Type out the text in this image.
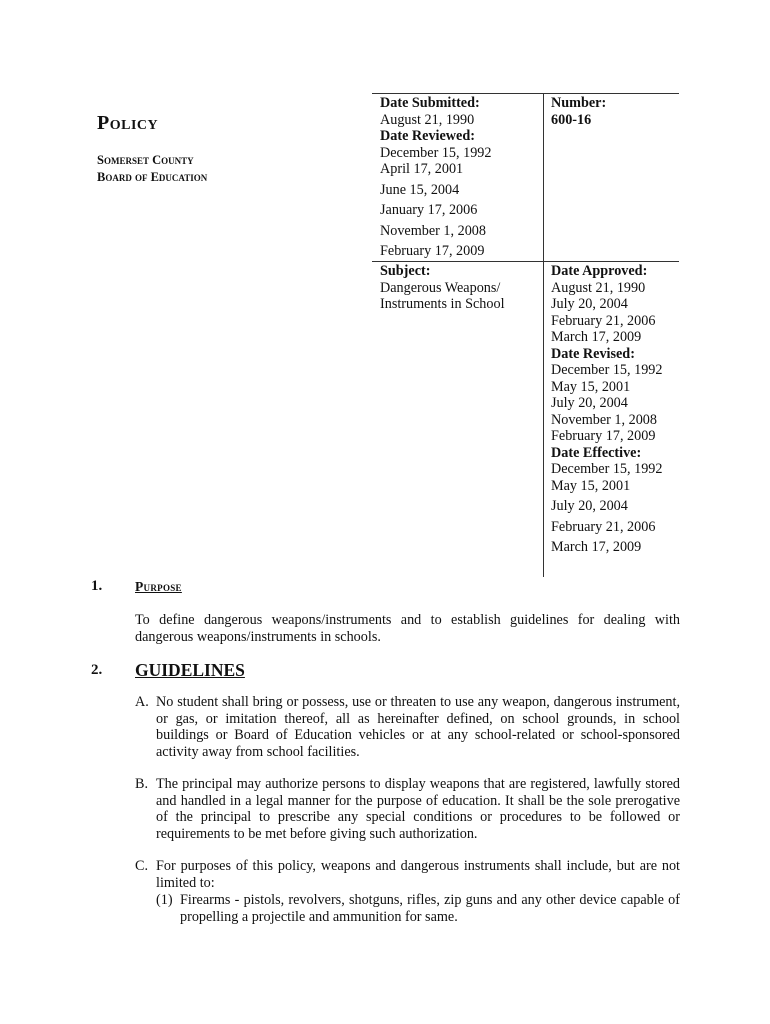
Policy
Somerset County
Board of Education
Date Submitted:
August 21, 1990
Date Reviewed:
December 15, 1992
April 17, 2001
June 15, 2004
January 17, 2006
November 1, 2008
February 17, 2009
Number:
600-16
Subject:
Dangerous Weapons/
Instruments in School
Date Approved:
August 21, 1990
July 20, 2004
February 21, 2006
March 17, 2009
Date Revised:
December 15, 1992
May 15, 2001
July 20, 2004
November 1, 2008
February 17, 2009
Date Effective:
December 15, 1992
May 15, 2001
July 20, 2004
February 21, 2006
March 17, 2009
1. Purpose
To define dangerous weapons/instruments and to establish guidelines for dealing with dangerous weapons/instruments in schools.
2. GUIDELINES
A. No student shall bring or possess, use or threaten to use any weapon, dangerous instrument, or gas, or imitation thereof, all as hereinafter defined, on school grounds, in school buildings or Board of Education vehicles or at any school-related or school-sponsored activity away from school facilities.
B. The principal may authorize persons to display weapons that are registered, lawfully stored and handled in a legal manner for the purpose of education. It shall be the sole prerogative of the principal to prescribe any special conditions or procedures to be followed or requirements to be met before giving such authorization.
C. For purposes of this policy, weapons and dangerous instruments shall include, but are not limited to:
(1) Firearms - pistols, revolvers, shotguns, rifles, zip guns and any other device capable of propelling a projectile and ammunition for same.
